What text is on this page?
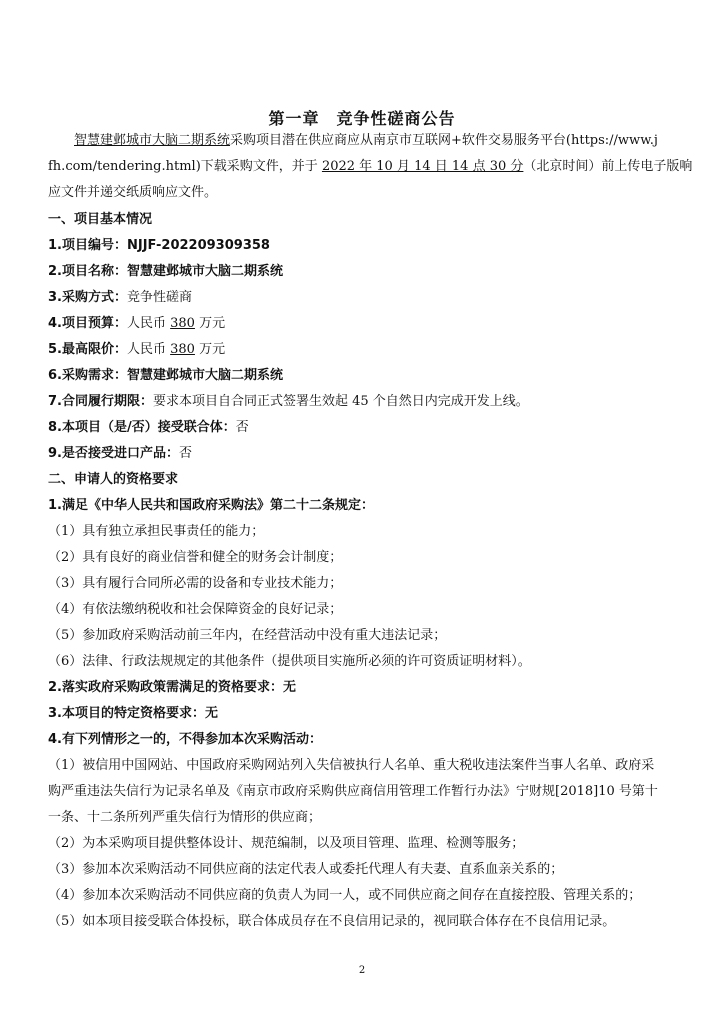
第一章　竞争性磋商公告
智慧建邺城市大脑二期系统采购项目潜在供应商应从南京市互联网+软件交易服务平台(https://www.j
fh.com/tendering.html)下载采购文件，并于 2022 年 10 月 14 日 14 点 30 分（北京时间）前上传电子版响
应文件并递交纸质响应文件。
一、项目基本情况
1.项目编号：NJJF-202209309358
2.项目名称：智慧建邺城市大脑二期系统
3.采购方式：竞争性磋商
4.项目预算：人民币 380 万元
5.最高限价：人民币 380 万元
6.采购需求：智慧建邺城市大脑二期系统
7.合同履行期限：要求本项目自合同正式签署生效起 45 个自然日内完成开发上线。
8.本项目（是/否）接受联合体：否
9.是否接受进口产品：否
二、申请人的资格要求
1.满足《中华人民共和国政府采购法》第二十二条规定：
（1）具有独立承担民事责任的能力；
（2）具有良好的商业信誉和健全的财务会计制度；
（3）具有履行合同所必需的设备和专业技术能力；
（4）有依法缴纳税收和社会保障资金的良好记录；
（5）参加政府采购活动前三年内，在经营活动中没有重大违法记录；
（6）法律、行政法规规定的其他条件（提供项目实施所必须的许可资质证明材料）。
2.落实政府采购政策需满足的资格要求：无
3.本项目的特定资格要求：无
4.有下列情形之一的，不得参加本次采购活动：
（1）被信用中国网站、中国政府采购网站列入失信被执行人名单、重大税收违法案件当事人名单、政府采
购严重违法失信行为记录名单及《南京市政府采购供应商信用管理工作暂行办法》宁财规[2018]10 号第十
一条、十二条所列严重失信行为情形的供应商；
（2）为本采购项目提供整体设计、规范编制，以及项目管理、监理、检测等服务；
（3）参加本次采购活动不同供应商的法定代表人或委托代理人有夫妻、直系血亲关系的；
（4）参加本次采购活动不同供应商的负责人为同一人，或不同供应商之间存在直接控股、管理关系的；
（5）如本项目接受联合体投标，联合体成员存在不良信用记录的，视同联合体存在不良信用记录。
2
